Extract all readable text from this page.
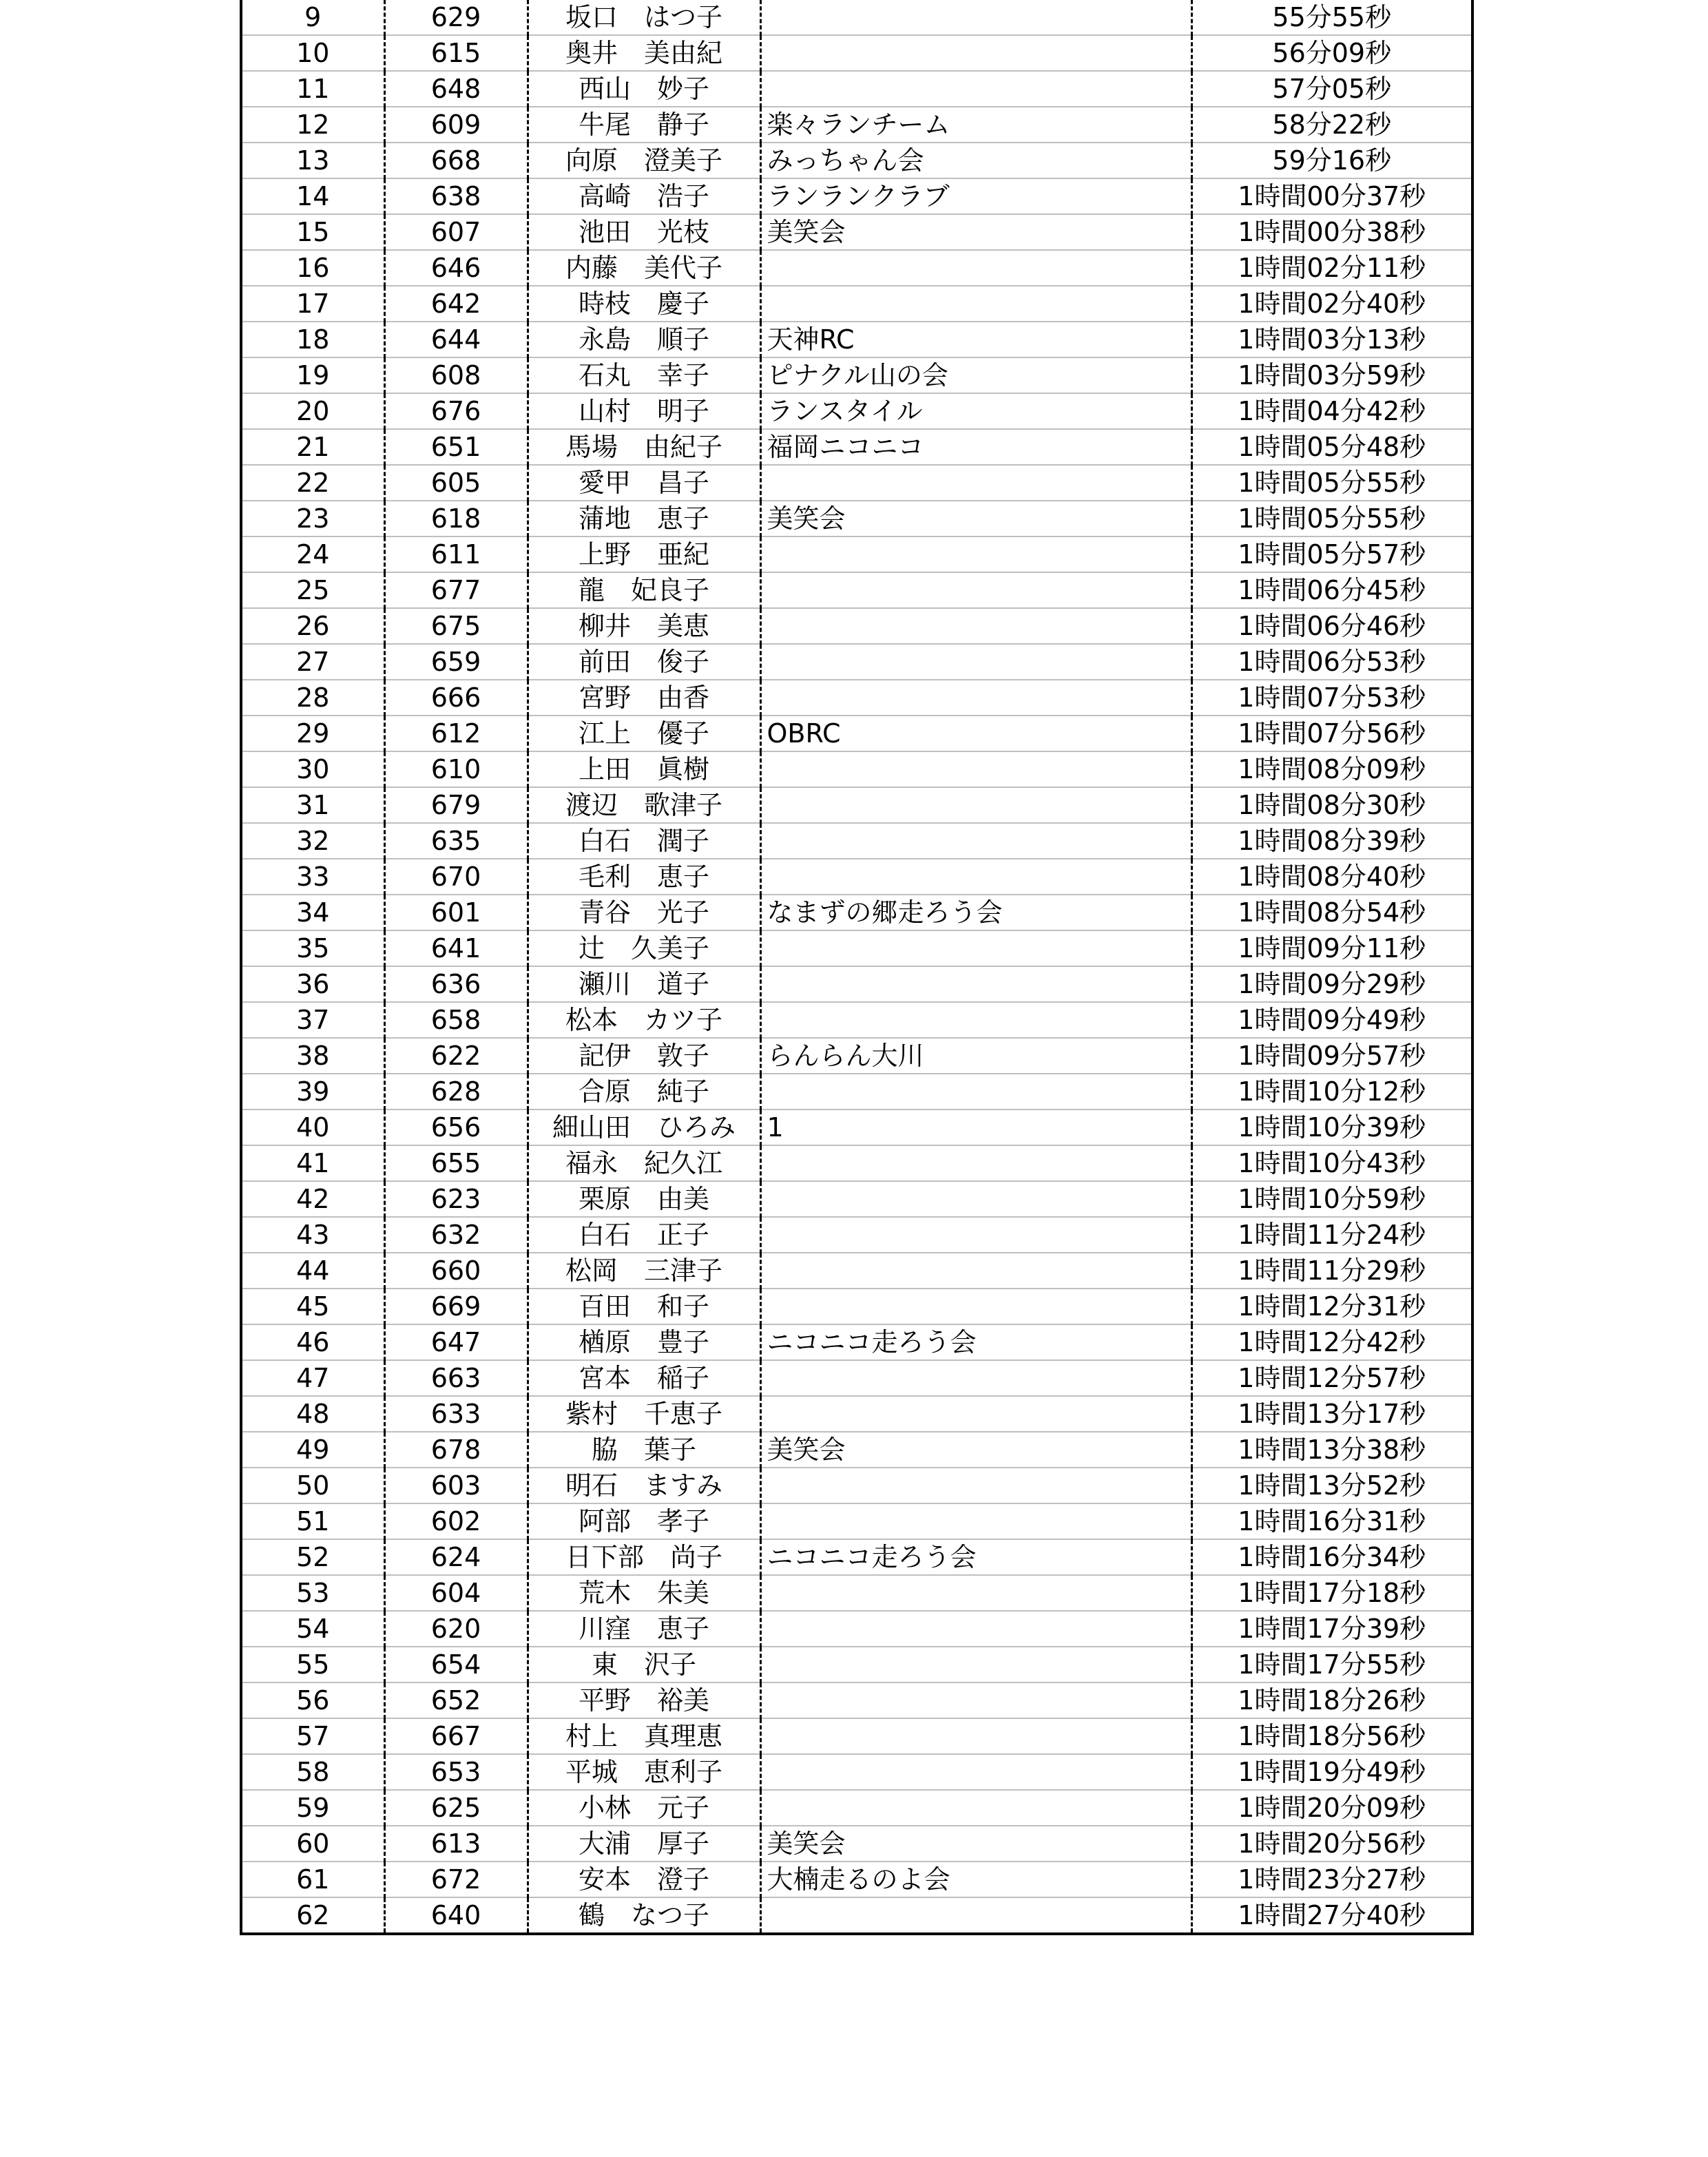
9	629	坂口　はつ子		55分55秒
10	615	奥井　美由紀		56分09秒
11	648	西山　妙子		57分05秒
12	609	牛尾　静子	楽々ランチーム	58分22秒
13	668	向原　澄美子	みっちゃん会	59分16秒
14	638	高崎　浩子	ランランクラブ	1時間00分37秒
15	607	池田　光枝	美笑会	1時間00分38秒
16	646	内藤　美代子		1時間02分11秒
17	642	時枝　慶子		1時間02分40秒
18	644	永島　順子	天神RC	1時間03分13秒
19	608	石丸　幸子	ピナクル山の会	1時間03分59秒
20	676	山村　明子	ランスタイル	1時間04分42秒
21	651	馬場　由紀子	福岡ニコニコ	1時間05分48秒
22	605	愛甲　昌子		1時間05分55秒
23	618	蒲地　恵子	美笑会	1時間05分55秒
24	611	上野　亜紀		1時間05分57秒
25	677	龍　妃良子		1時間06分45秒
26	675	柳井　美恵		1時間06分46秒
27	659	前田　俊子		1時間06分53秒
28	666	宮野　由香		1時間07分53秒
29	612	江上　優子	OBRC	1時間07分56秒
30	610	上田　眞樹		1時間08分09秒
31	679	渡辺　歌津子		1時間08分30秒
32	635	白石　潤子		1時間08分39秒
33	670	毛利　恵子		1時間08分40秒
34	601	青谷　光子	なまずの郷走ろう会	1時間08分54秒
35	641	辻　久美子		1時間09分11秒
36	636	瀬川　道子		1時間09分29秒
37	658	松本　カツ子		1時間09分49秒
38	622	記伊　敦子	らんらん大川	1時間09分57秒
39	628	合原　純子		1時間10分12秒
40	656	細山田　ひろみ	1	1時間10分39秒
41	655	福永　紀久江		1時間10分43秒
42	623	栗原　由美		1時間10分59秒
43	632	白石　正子		1時間11分24秒
44	660	松岡　三津子		1時間11分29秒
45	669	百田　和子		1時間12分31秒
46	647	楢原　豊子	ニコニコ走ろう会	1時間12分42秒
47	663	宮本　稲子		1時間12分57秒
48	633	紫村　千恵子		1時間13分17秒
49	678	脇　葉子	美笑会	1時間13分38秒
50	603	明石　ますみ		1時間13分52秒
51	602	阿部　孝子		1時間16分31秒
52	624	日下部　尚子	ニコニコ走ろう会	1時間16分34秒
53	604	荒木　朱美		1時間17分18秒
54	620	川窪　恵子		1時間17分39秒
55	654	東　沢子		1時間17分55秒
56	652	平野　裕美		1時間18分26秒
57	667	村上　真理恵		1時間18分56秒
58	653	平城　恵利子		1時間19分49秒
59	625	小林　元子		1時間20分09秒
60	613	大浦　厚子	美笑会	1時間20分56秒
61	672	安本　澄子	大楠走るのよ会	1時間23分27秒
62	640	鶴　なつ子		1時間27分40秒
